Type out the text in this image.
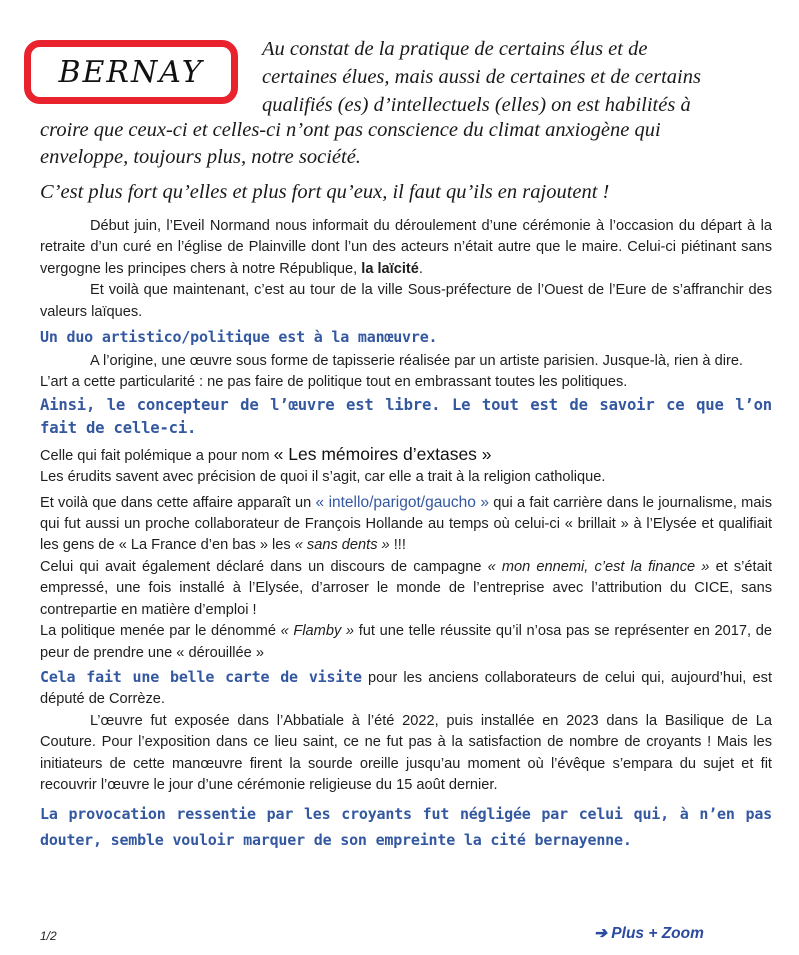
BERNAY
Au constat de la pratique de certains élus et de
certaines élues, mais aussi de certaines et de certains
qualifiés (es) d’intellectuels (elles) on est habilités à
croire que ceux-ci et celles-ci n’ont pas conscience du climat anxiogène qui
enveloppe, toujours plus, notre société.
C’est plus fort qu’elles et plus fort qu’eux, il faut qu’ils en rajoutent !

Début juin, l’Eveil Normand nous informait du déroulement d’une cérémonie à l’occasion du départ à la retraite d’un curé en l’église de Plainville dont l’un des acteurs n’était autre que le maire. Celui-ci piétinant sans vergogne les principes chers à notre République, la laïcité.

Et voilà que maintenant, c’est au tour de la ville Sous-préfecture de l’Ouest de l’Eure de s’affranchir des valeurs laïques.

Un duo artistico/politique est à la manœuvre.

A l’origine, une œuvre sous forme de tapisserie réalisée par un artiste parisien. Jusque-là, rien à dire.

L’art a cette particularité : ne pas faire de politique tout en embrassant toutes les politiques.

Ainsi, le concepteur de l’œuvre est libre. Le tout est de savoir ce que l’on fait de celle-ci.

Celle qui fait polémique a pour nom « Les mémoires d’extases »

Les érudits savent avec précision de quoi il s’agit, car elle a trait à la religion catholique.

Et voilà que dans cette affaire apparaît un « intello/parigot/gaucho » qui a fait carrière dans le journalisme, mais qui fut aussi un proche collaborateur de François Hollande au temps où celui-ci « brillait » à l’Elysée et qualifiait les gens de « La France d’en bas » les « sans dents » !!!

Celui qui avait également déclaré dans un discours de campagne « mon ennemi, c’est la finance » et s’était empressé, une fois installé à l’Elysée, d’arroser le monde de l’entreprise avec l’attribution du CICE, sans contrepartie en matière d’emploi !

La politique menée par le dénommé « Flamby » fut une telle réussite qu’il n’osa pas se représenter en 2017, de peur de prendre une « dérouillée »

Cela fait une belle carte de visite pour les anciens collaborateurs de celui qui, aujourd’hui, est député de Corrèze.

L’œuvre fut exposée dans l’Abbatiale à l’été 2022, puis installée en 2023 dans la Basilique de La Couture. Pour l’exposition dans ce lieu saint, ce ne fut pas à la satisfaction de nombre de croyants ! Mais les initiateurs de cette manœuvre firent la sourde oreille jusqu’au moment où l’évêque s’empara du sujet et fit recouvrir l’œuvre le jour d’une cérémonie religieuse du 15 août dernier.

La provocation ressentie par les croyants fut négligée par celui qui, à n’en pas douter, semble vouloir marquer de son empreinte la cité bernayenne.

1/2	➔ Plus + Zoom
